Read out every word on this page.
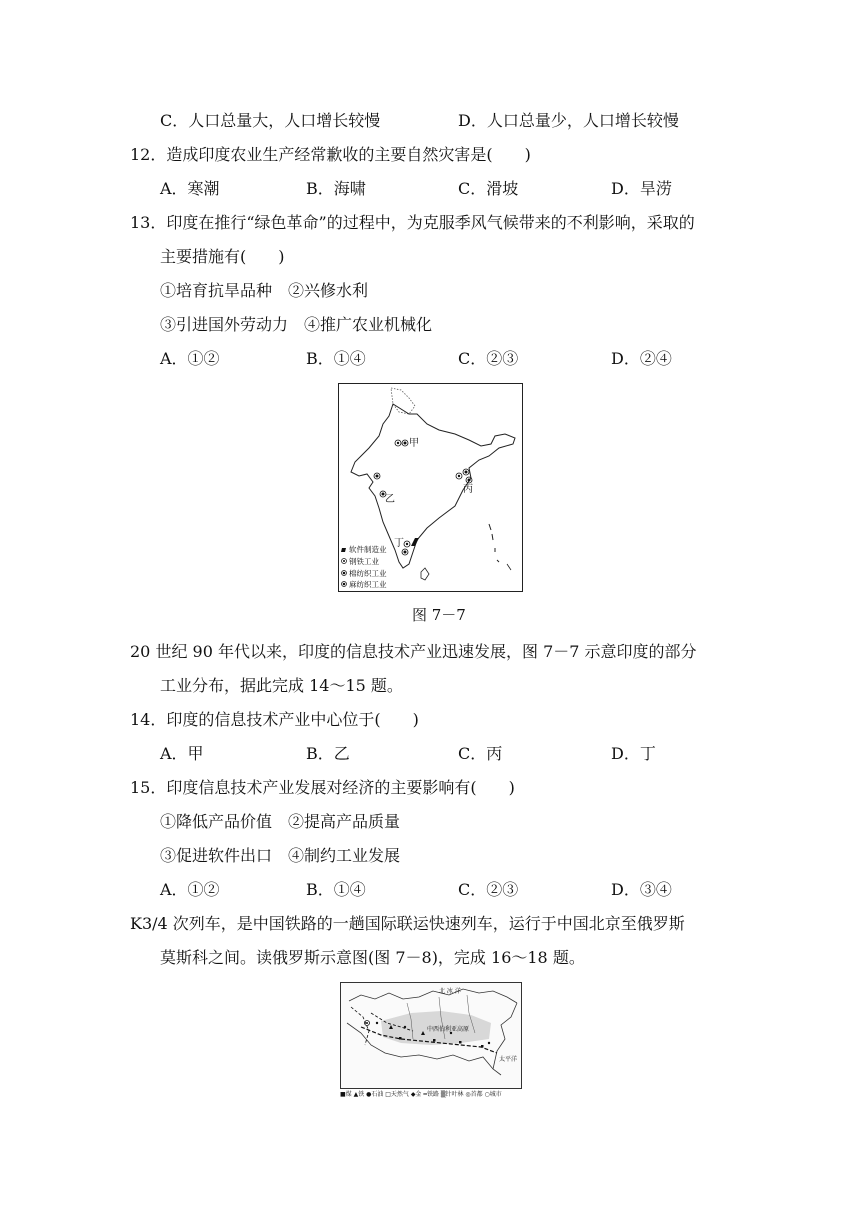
C．人口总量大，人口增长较慢	D．人口总量少，人口增长较慢
12．造成印度农业生产经常歉收的主要自然灾害是(　　)
A．寒潮	B．海啸	C．滑坡	D．旱涝
13．印度在推行“绿色革命”的过程中，为克服季风气候带来的不利影响，采取的
主要措施有(　　)
①培育抗旱品种　②兴修水利
③引进国外劳动力　④推广农业机械化
A．①②	B．①④	C．②③	D．②④
甲
乙
丙
丁
软件制造业
钢铁工业
棉纺织工业
麻纺织工业
图 7－7
20 世纪 90 年代以来，印度的信息技术产业迅速发展，图 7－7 示意印度的部分
工业分布，据此完成 14～15 题。
14．印度的信息技术产业中心位于(　　)
A．甲	B．乙	C．丙	D．丁
15．印度信息技术产业发展对经济的主要影响有(　　)
①降低产品价值　②提高产品质量
③促进软件出口　④制约工业发展
A．①②	B．①④	C．②③	D．③④
K3/4 次列车，是中国铁路的一趟国际联运快速列车，运行于中国北京至俄罗斯
莫斯科之间。读俄罗斯示意图(图 7－8)，完成 16～18 题。
北 冰 洋
中西伯利亚高原
太平洋
■煤 ▲铁 ●石油 □天然气 ◆金 ━铁路 ▒针叶林 ◎首都 ○城市
